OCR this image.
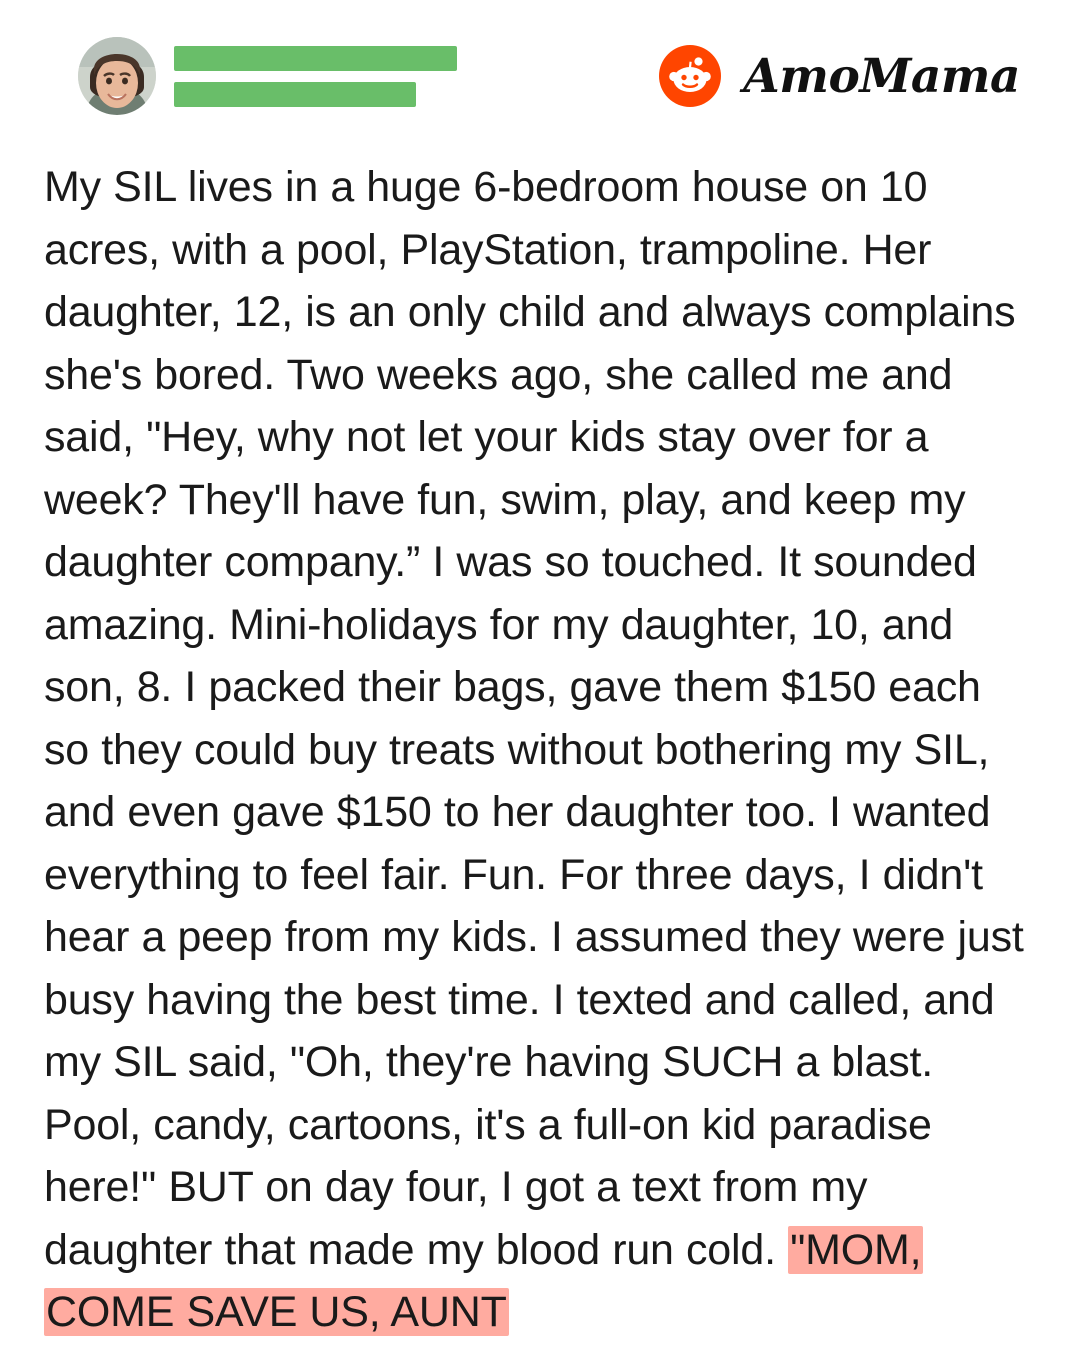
AmoMama

My SIL lives in a huge 6-bedroom house on 10 acres, with a pool, PlayStation, trampoline. Her daughter, 12, is an only child and always complains she's bored. Two weeks ago, she called me and said, "Hey, why not let your kids stay over for a week? They'll have fun, swim, play, and keep my daughter company.” I was so touched. It sounded amazing. Mini-holidays for my daughter, 10, and son, 8. I packed their bags, gave them $150 each so they could buy treats without bothering my SIL, and even gave $150 to her daughter too. I wanted everything to feel fair. Fun. For three days, I didn't hear a peep from my kids. I assumed they were just busy having the best time. I texted and called, and my SIL said, "Oh, they're having SUCH a blast. Pool, candy, cartoons, it's a full-on kid paradise here!" BUT on day four, I got a text from my daughter that made my blood run cold. "MOM, COME SAVE US, AUNT
